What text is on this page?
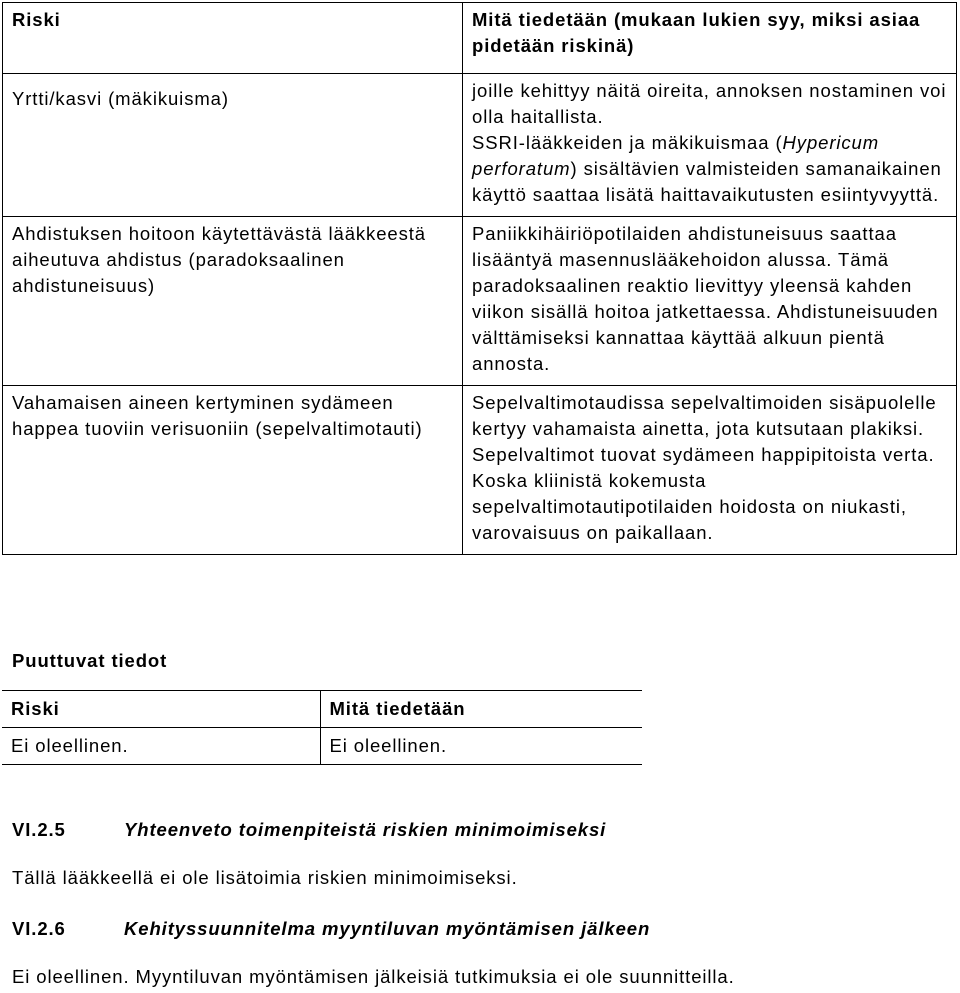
Riski	Mitä tiedetään (mukaan lukien syy, miksi asiaa pidetään riskinä)
Yrtti/kasvi (mäkikuisma)	joille kehittyy näitä oireita, annoksen nostaminen voi olla haitallista.

SSRI-lääkkeiden ja mäkikuismaa (Hypericum perforatum) sisältävien valmisteiden samanaikainen käyttö saattaa lisätä haittavaikutusten esiintyvyyttä.

Ahdistuksen hoitoon käytettävästä lääkkeestä aiheutuva ahdistus (paradoksaalinen ahdistuneisuus)	Paniikkihäiriöpotilaiden ahdistuneisuus saattaa lisääntyä masennuslääkehoidon alussa. Tämä paradoksaalinen reaktio lievittyy yleensä kahden viikon sisällä hoitoa jatkettaessa. Ahdistuneisuuden välttämiseksi kannattaa käyttää alkuun pientä annosta.
Vahamaisen aineen kertyminen sydämeen happea tuoviin verisuoniin (sepelvaltimotauti)	Sepelvaltimotaudissa sepelvaltimoiden sisäpuolelle kertyy vahamaista ainetta, jota kutsutaan plakiksi. Sepelvaltimot tuovat sydämeen happipitoista verta. Koska kliinistä kokemusta sepelvaltimotautipotilaiden hoidosta on niukasti, varovaisuus on paikallaan.
Puuttuvat tiedot
Riski	Mitä tiedetään
Ei oleellinen.	Ei oleellinen.
VI.2.5	Yhteenveto toimenpiteistä riskien minimoimiseksi
Tällä lääkkeellä ei ole lisätoimia riskien minimoimiseksi.
VI.2.6	Kehityssuunnitelma myyntiluvan myöntämisen jälkeen
Ei oleellinen. Myyntiluvan myöntämisen jälkeisiä tutkimuksia ei ole suunnitteilla.
